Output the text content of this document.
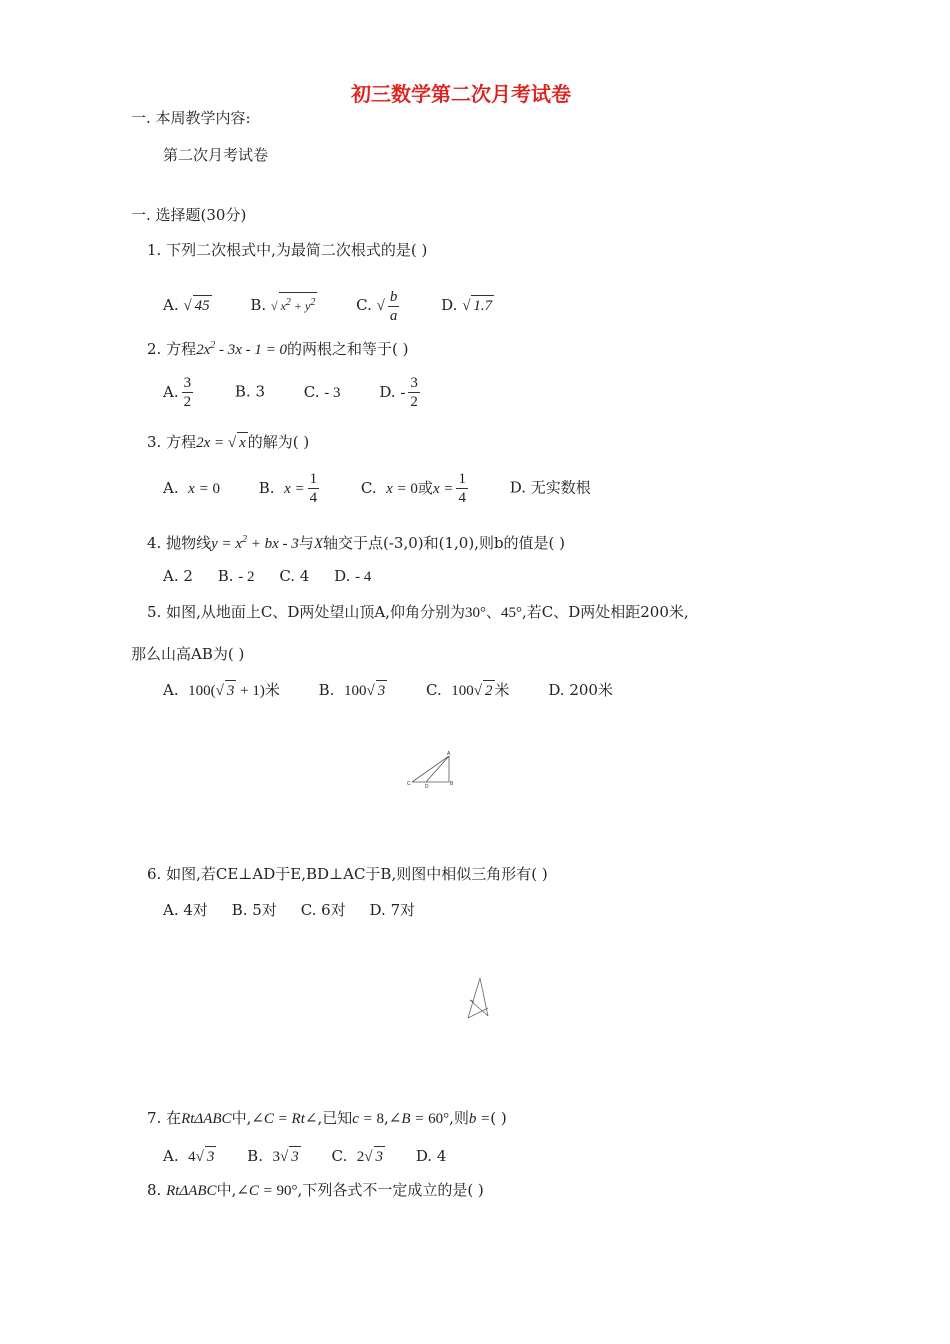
初三数学第二次月考试卷
一. 本周教学内容:
第二次月考试卷
一. 选择题(30分)
1. 下列二次根式中,为最简二次根式的是( )
A. √ 45	B. √ $x^2 + y^2$	C. √ $\frac{b}{a}$	D. √ 1.7
2. 方程$2x^2 - 3x - 1 = 0$的两根之和等于( )
A. $\frac{3}{2}$	B. 3	C. - 3	D. - $\frac{3}{2}$
3. 方程2x = √ x 的解为( )
A. x = 0	B. $x = \frac{1}{4}$	C. x = 0或$x = \frac{1}{4}$	D. 无实数根
4. 抛物线$y = x^2$ + bx - 3与X轴交于点(-3,0)和(1,0),则b的值是( )
A. 2 B. - 2 C. 4 D. - 4
5. 如图,从地面上C、D两处望山顶A,仰角分别为30°、45°,若C、D两处相距200米,
那么山高AB为( )
A. 100(√ 3 + 1)米	B. 100√ 3	C. 100√ 2 米	D. 200米
A
B
C	D
6. 如图,若CE⊥AD于E,BD⊥AC于B,则图中相似三角形有( )
A. 4对     B. 5对     C. 6对     D. 7对
7. 在RtΔABC中,∠C = Rt∠,已知c = 8,∠B = 60°,则b =( )
A. 4√ 3 B. 3√ 3 C. 2√ 3 D. 4
8. RtΔABC中,∠C = 90°,下列各式不一定成立的是( )
